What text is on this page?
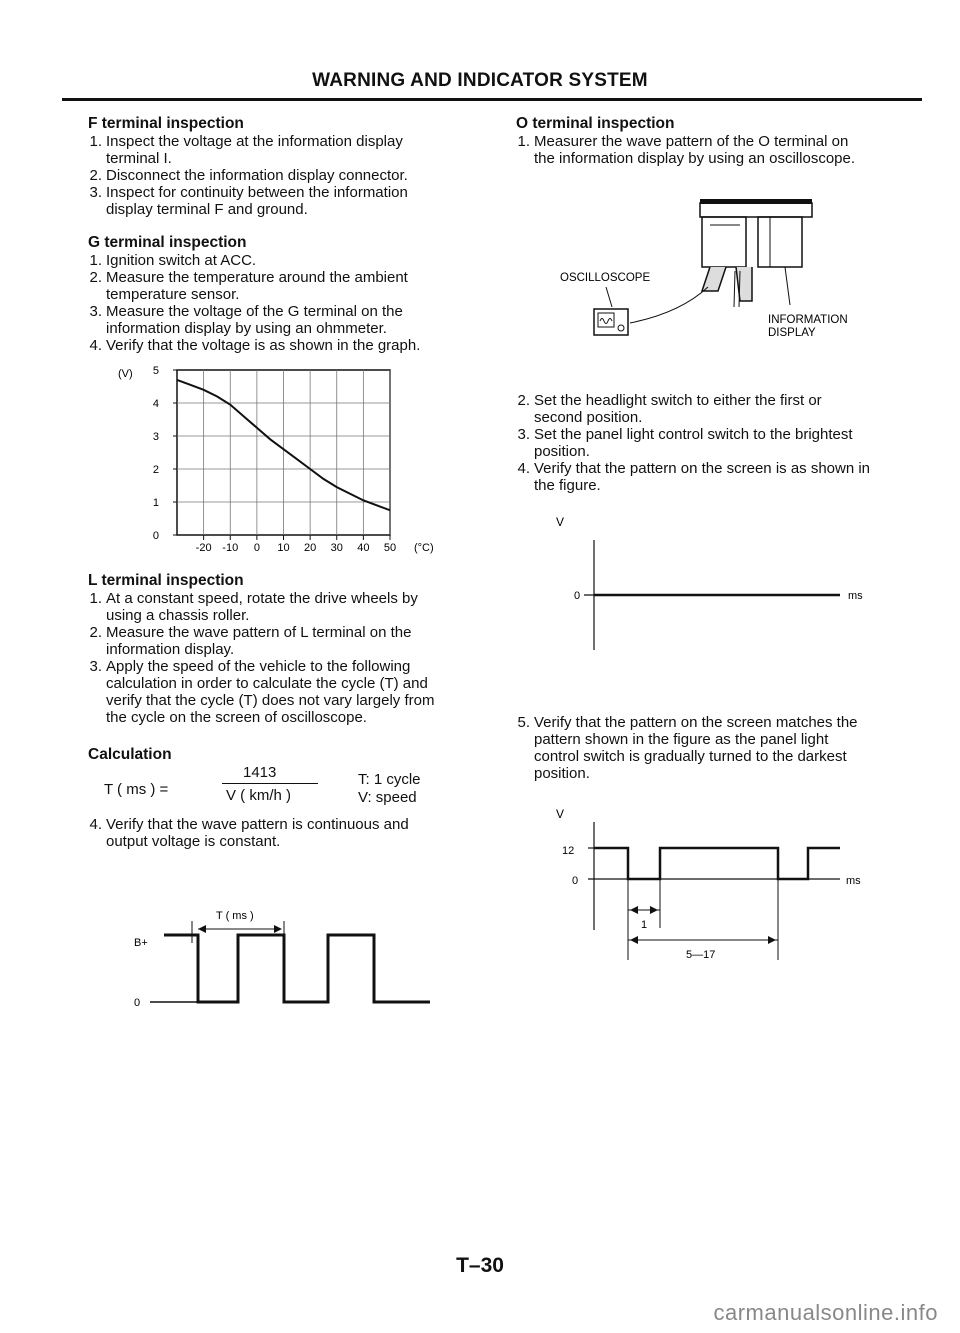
WARNING AND INDICATOR SYSTEM
F terminal inspection
1. Inspect the voltage at the information display
terminal I.
2. Disconnect the information display connector.
3. Inspect for continuity between the information
display terminal F and ground.
G terminal inspection
1. Ignition switch at ACC.
2. Measure the temperature around the ambient
temperature sensor.
3. Measure the voltage of the G terminal on the
information display by using an ohmmeter.
4. Verify that the voltage is as shown in the graph.
-20 -10 0 10 20 30 40 50
0
1
2
3
4
5
(V)
(°C)
L terminal inspection
1. At a constant speed, rotate the drive wheels by
using a chassis roller.
2. Measure the wave pattern of L terminal on the
information display.
3. Apply the speed of the vehicle to the following
calculation in order to calculate the cycle (T) and
verify that the cycle (T) does not vary largely from
the cycle on the screen of oscilloscope.
Calculation
T ( ms ) =
1413
V ( km/h )
T: 1 cycle
V: speed
4. Verify that the wave pattern is continuous and
output voltage is constant.
B+
0
T ( ms )
O terminal inspection
1. Measurer the wave pattern of the O terminal on
the information display by using an oscilloscope.
OSCILLOSCOPE
INFORMATION
DISPLAY
2. Set the headlight switch to either the first or
second position.
3. Set the panel light control switch to the brightest
position.
4. Verify that the pattern on the screen is as shown in
the figure.
V
0	ms
5. Verify that the pattern on the screen matches the
pattern shown in the figure as the panel light
control switch is gradually turned to the darkest
position.
V
12
0	ms
1
5—17
T–30
carmanualsonline.info
